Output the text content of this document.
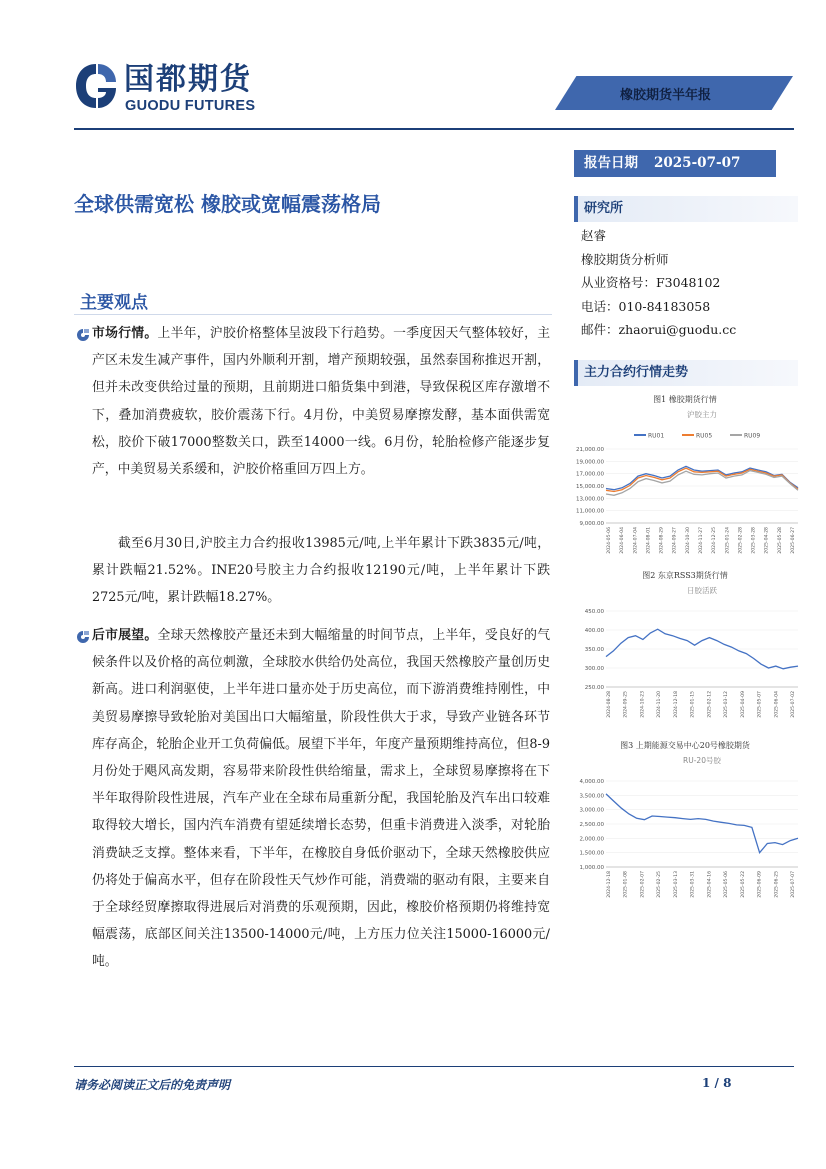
国都期货
GUODU FUTURES
橡胶期货半年报
报告日期 2025-07-07
研究所
赵睿
橡胶期货分析师
从业资格号：F3048102
电话：010-84183058
邮件：zhaorui@guodu.cc
主力合约行情走势
图1 橡胶期货行情
沪胶主力
RU01	RU05	RU09
21,000.00
19,000.00
17,000.00
15,000.00
13,000.00
11,000.00
9,000.00
2024-05-06 2024-06-04 2024-07-04 2024-08-01 2024-08-29 2024-09-27 2024-10-30 2024-11-27 2024-12-25 2025-01-24 2025-02-28 2025-03-28 2025-04-28 2025-05-28 2025-06-27
图2 东京RSS3期货行情
日胶活跃
450.00
400.00
350.00
300.00
250.00
2024-08-28	2024-09-25	2024-10-23	2024-11-20	2024-12-18	2025-01-15	2025-02-12	2025-03-12	2025-04-09	2025-05-07	2025-06-04	2025-07-02
图3 上期能源交易中心20号橡胶期货
RU-20号胶
4,000.00
3,500.00
3,000.00
2,500.00
2,000.00
1,500.00
1,000.00
2024-12-18	2025-01-08	2025-02-07	2025-02-25	2025-03-13	2025-03-31	2025-04-16	2025-05-06	2025-05-22	2025-06-09	2025-06-25	2025-07-07
全球供需宽松 橡胶或宽幅震荡格局
主要观点
市场行情。上半年，沪胶价格整体呈波段下行趋势。一季度因天气整体较好，主产区未发生减产事件，国内外顺利开割，增产预期较强，虽然泰国称推迟开割，但并未改变供给过量的预期，且前期进口船货集中到港，导致保税区库存激增不下，叠加消费疲软，胶价震荡下行。4月份，中美贸易摩擦发酵，基本面供需宽松，胶价下破17000整数关口，跌至14000一线。6月份，轮胎检修产能逐步复产，中美贸易关系缓和，沪胶价格重回万四上方。
截至6月30日,沪胶主力合约报收13985元/吨,上半年累计下跌3835元/吨，累计跌幅21.52%。INE20号胶主力合约报收12190元/吨，上半年累计下跌2725元/吨，累计跌幅18.27%。
后市展望。全球天然橡胶产量还未到大幅缩量的时间节点，上半年，受良好的气候条件以及价格的高位刺激，全球胶水供给仍处高位，我国天然橡胶产量创历史新高。进口利润驱使，上半年进口量亦处于历史高位，而下游消费维持刚性，中美贸易摩擦导致轮胎对美国出口大幅缩量，阶段性供大于求，导致产业链各环节库存高企，轮胎企业开工负荷偏低。展望下半年，年度产量预期维持高位，但8-9月份处于飓风高发期，容易带来阶段性供给缩量，需求上，全球贸易摩擦将在下半年取得阶段性进展，汽车产业在全球布局重新分配，我国轮胎及汽车出口较难取得较大增长，国内汽车消费有望延续增长态势，但重卡消费进入淡季，对轮胎消费缺乏支撑。整体来看，下半年，在橡胶自身低价驱动下，全球天然橡胶供应仍将处于偏高水平，但存在阶段性天气炒作可能，消费端的驱动有限，主要来自于全球经贸摩擦取得进展后对消费的乐观预期，因此，橡胶价格预期仍将维持宽幅震荡，底部区间关注13500-14000元/吨，上方压力位关注15000-16000元/吨。
请务必阅读正文后的免责声明	1 / 8
